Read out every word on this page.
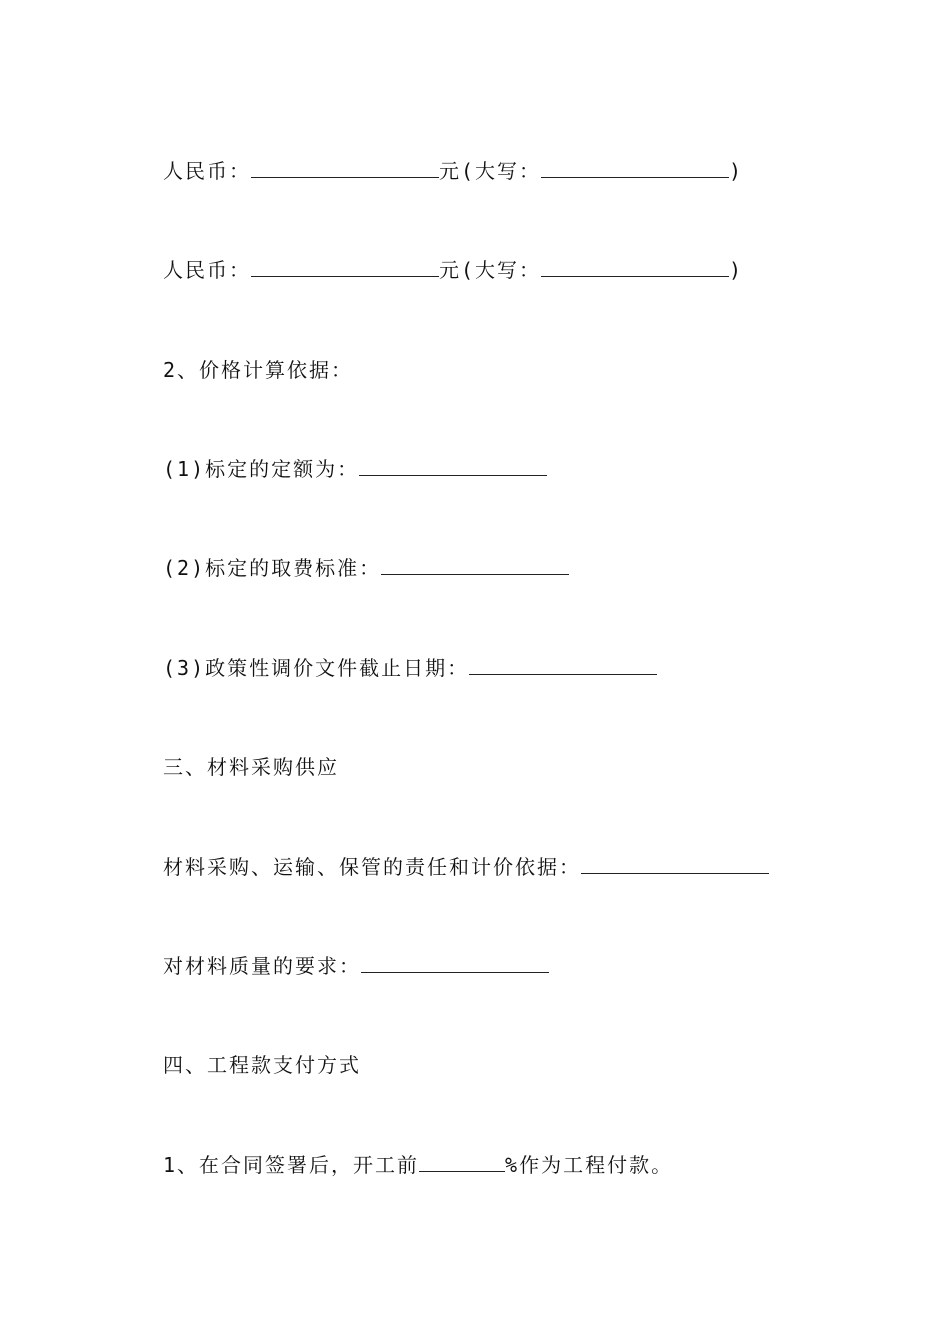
人民币：	元(大写：	)
人民币：	元(大写：	)
2、价格计算依据：
(1)标定的定额为：
(2)标定的取费标准：
(3)政策性调价文件截止日期：
三、材料采购供应
材料采购、运输、保管的责任和计价依据：
对材料质量的要求：
四、工程款支付方式
1、在合同签署后，开工前	%作为工程付款。
